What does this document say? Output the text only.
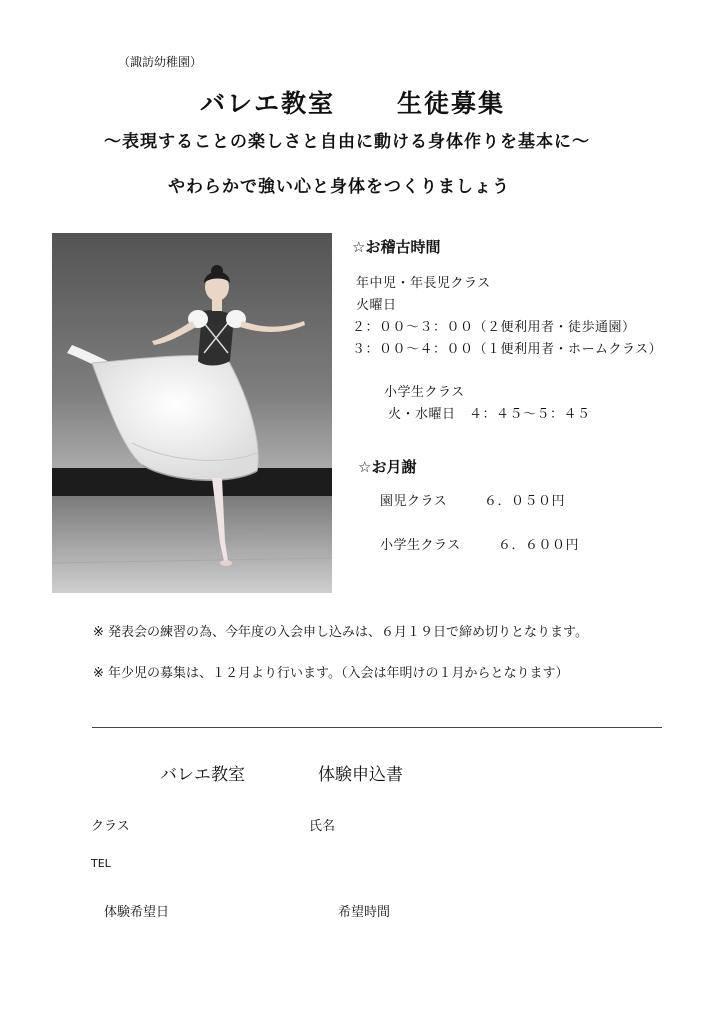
（諏訪幼稚園）
バレエ教室 生徒募集
～表現することの楽しさと自由に動ける身体作りを基本に～
やわらかで強い心と身体をつくりましょう
☆お稽古時間
年中児・年長児クラス
火曜日
２：００～３：００（２便利用者・徒歩通園）
３：００～４：００（１便利用者・ホームクラス）
小学生クラス
火・水曜日　４：４５～５：４５
☆お月謝
園児クラス	６．０５０円
小学生クラス	６．６００円
※ 発表会の練習の為、今年度の入会申し込みは、６月１９日で締め切りとなります。
※ 年少児の募集は、１２月より行います。（入会は年明けの１月からとなります）
バレエ教室	体験申込書
クラス	氏名
TEL
体験希望日	希望時間
